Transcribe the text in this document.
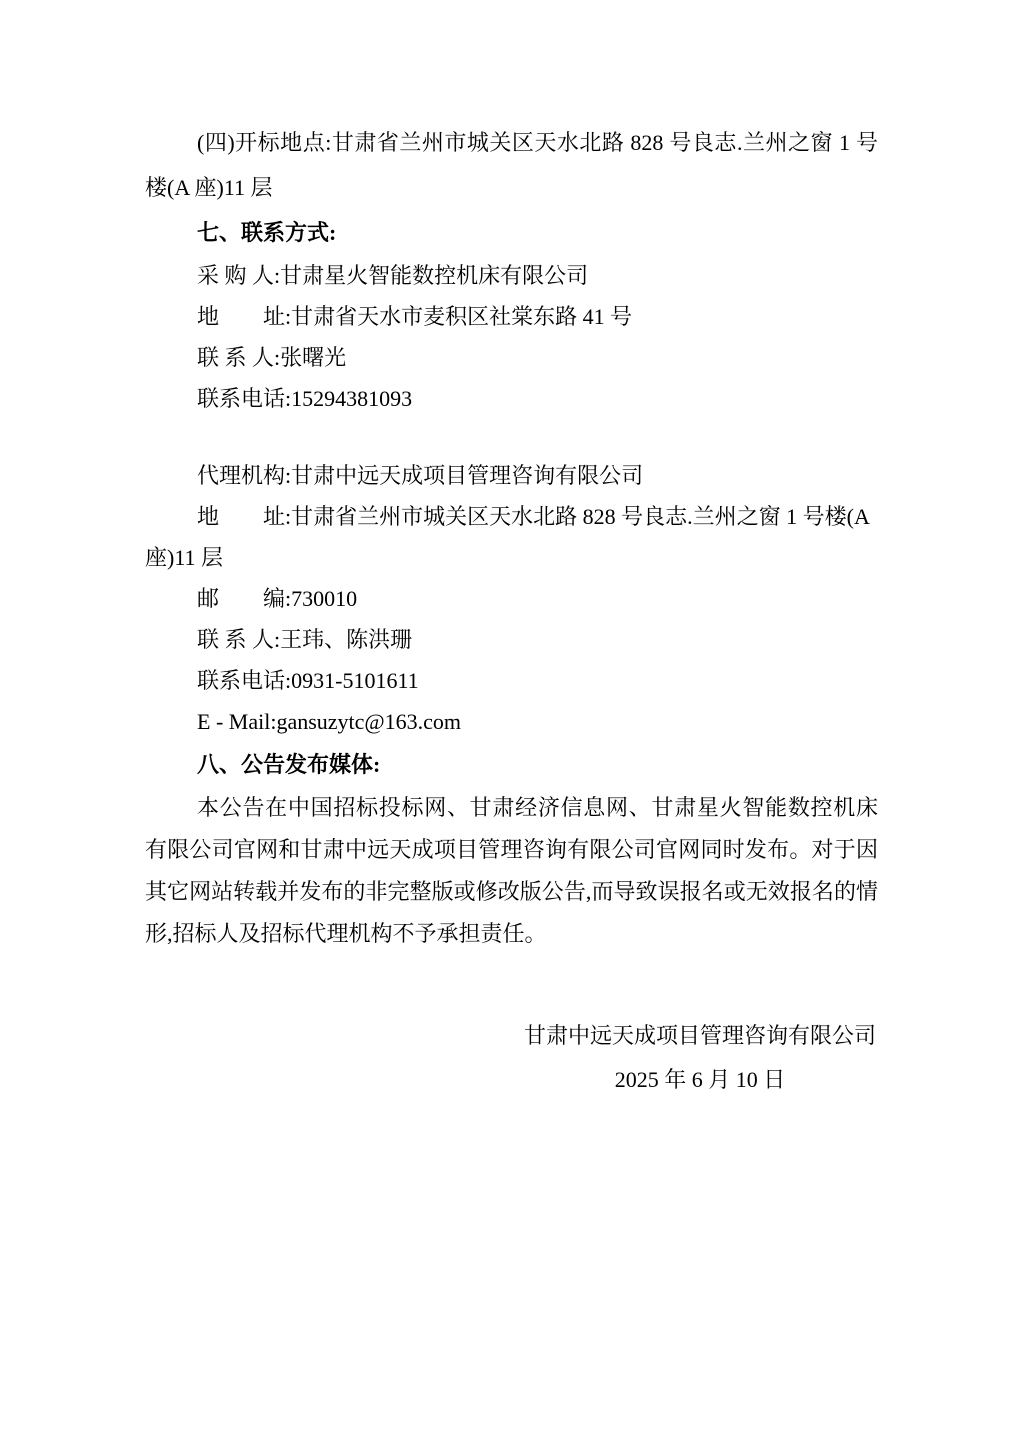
(四)开标地点:甘肃省兰州市城关区天水北路 828 号良志.兰州之窗 1 号楼(A 座)11 层

七、联系方式:

采 购 人:甘肃星火智能数控机床有限公司

地　　址:甘肃省天水市麦积区社棠东路 41 号

联 系 人:张曙光

联系电话:15294381093

代理机构:甘肃中远天成项目管理咨询有限公司

地　　址:甘肃省兰州市城关区天水北路 828 号良志.兰州之窗 1 号楼(A 座)11 层

邮　　编:730010

联 系 人:王玮、陈洪珊

联系电话:0931-5101611

E - Mail:gansuzytc@163.com

八、公告发布媒体:

本公告在中国招标投标网、甘肃经济信息网、甘肃星火智能数控机床有限公司官网和甘肃中远天成项目管理咨询有限公司官网同时发布。对于因其它网站转载并发布的非完整版或修改版公告,而导致误报名或无效报名的情形,招标人及招标代理机构不予承担责任。

甘肃中远天成项目管理咨询有限公司

2025 年 6 月 10 日
